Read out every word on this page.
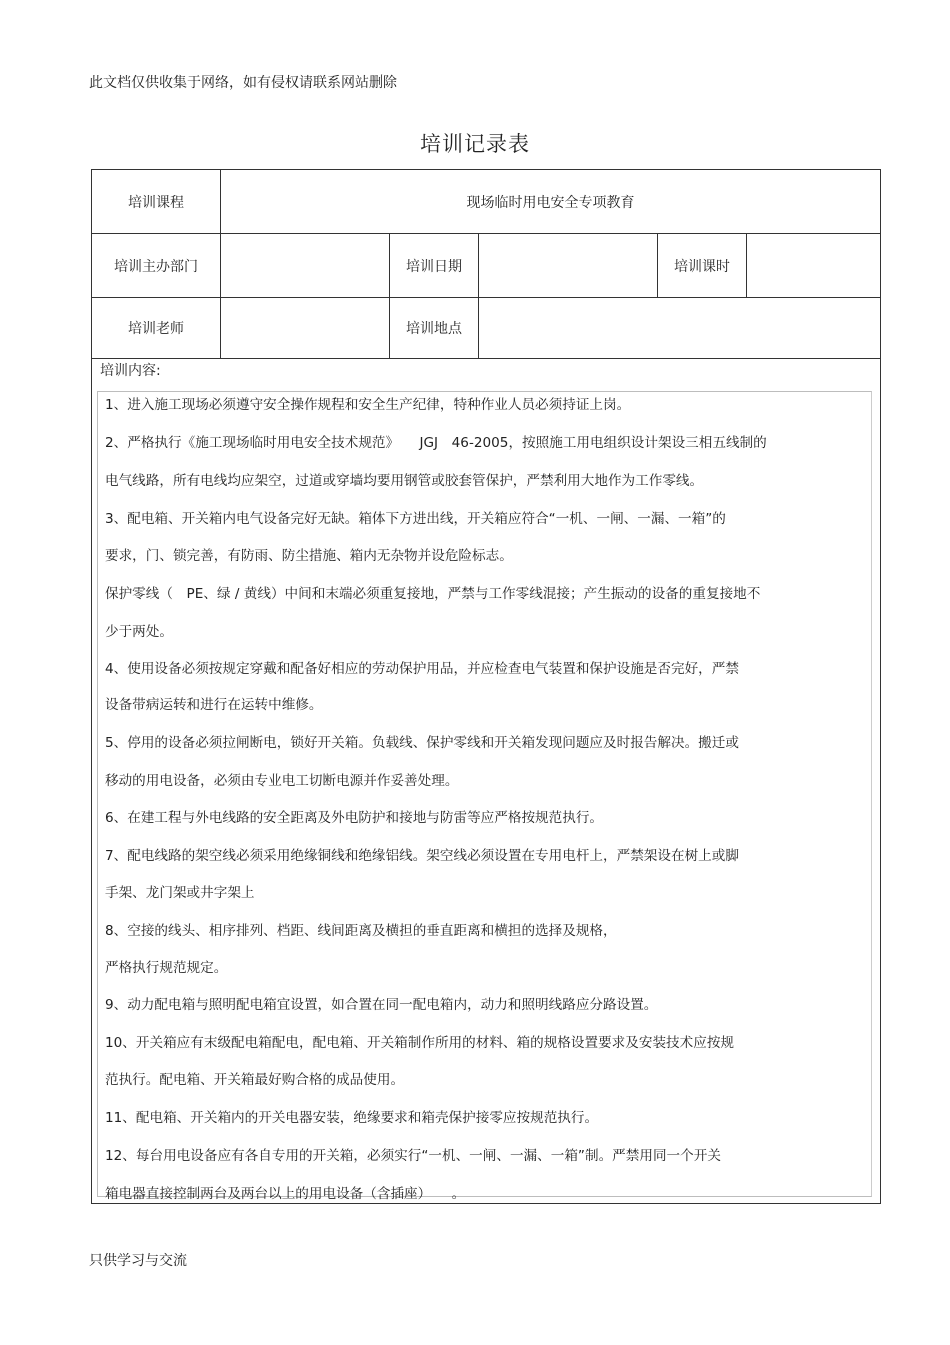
此文档仅供收集于网络，如有侵权请联系网站删除
培训记录表
培训课程	现场临时用电安全专项教育
培训主办部门	培训日期	培训课时
培训老师	培训地点
培训内容:
1、进入施工现场必须遵守安全操作规程和安全生产纪律，特种作业人员必须持证上岗。
2、严格执行《施工现场临时用电安全技术规范》　　JGJ　46-2005，按照施工用电组织设计架设三相五线制的
电气线路，所有电线均应架空，过道或穿墙均要用钢管或胶套管保护，严禁利用大地作为工作零线。
3、配电箱、开关箱内电气设备完好无缺。箱体下方进出线，开关箱应符合“一机、一闸、一漏、一箱”的
要求，门、锁完善，有防雨、防尘措施、箱内无杂物并设危险标志。
保护零线（　PE、绿 / 黄线）中间和末端必须重复接地，严禁与工作零线混接；产生振动的设备的重复接地不
少于两处。
4、使用设备必须按规定穿戴和配备好相应的劳动保护用品，并应检查电气装置和保护设施是否完好，严禁
设备带病运转和进行在运转中维修。
5、停用的设备必须拉闸断电，锁好开关箱。负载线、保护零线和开关箱发现问题应及时报告解决。搬迁或
移动的用电设备，必须由专业电工切断电源并作妥善处理。
6、在建工程与外电线路的安全距离及外电防护和接地与防雷等应严格按规范执行。
7、配电线路的架空线必须采用绝缘铜线和绝缘铝线。架空线必须设置在专用电杆上，严禁架设在树上或脚
手架、龙门架或井字架上
8、空接的线头、相序排列、档距、线间距离及横担的垂直距离和横担的选择及规格，
严格执行规范规定。
9、动力配电箱与照明配电箱宜设置，如合置在同一配电箱内，动力和照明线路应分路设置。
10、开关箱应有末级配电箱配电，配电箱、开关箱制作所用的材料、箱的规格设置要求及安装技术应按规
范执行。配电箱、开关箱最好购合格的成品使用。
11、配电箱、开关箱内的开关电器安装，绝缘要求和箱壳保护接零应按规范执行。
12、每台用电设备应有各自专用的开关箱，必须实行“一机、一闸、一漏、一箱”制。严禁用同一个开关
箱电器直接控制两台及两台以上的用电设备（含插座）　　。
只供学习与交流
